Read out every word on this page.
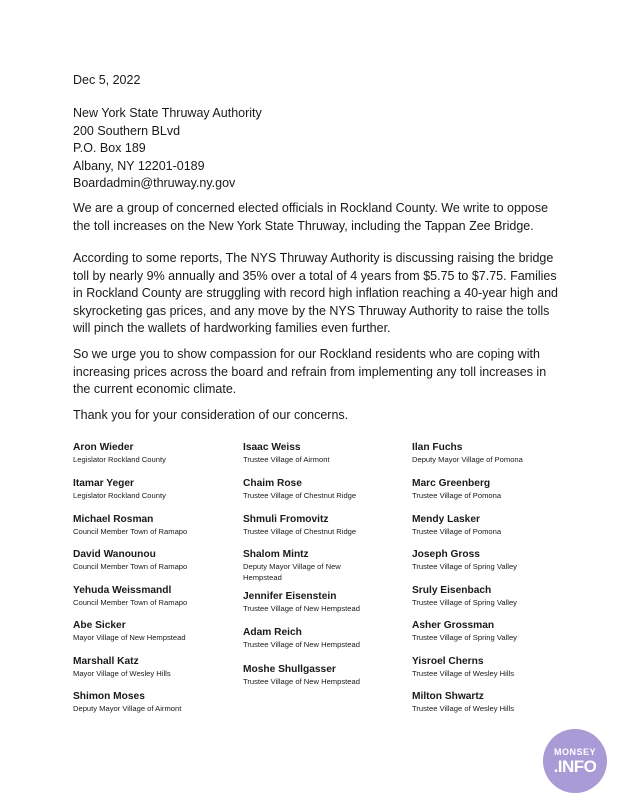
Dec 5, 2022
New York State Thruway Authority
200 Southern BLvd
P.O. Box 189
Albany, NY 12201-0189
Boardadmin@thruway.ny.gov
We are a group of concerned elected officials in Rockland County. We write to oppose
the toll increases on the New York State Thruway, including the Tappan Zee Bridge.
According to some reports, The NYS Thruway Authority is discussing raising the bridge
toll by nearly 9% annually and 35% over a total of 4 years from $5.75 to $7.75. Families
in Rockland County are struggling with record high inflation reaching a 40-year high and
skyrocketing gas prices, and any move by the NYS Thruway Authority to raise the tolls
will pinch the wallets of hardworking families even further.
So we urge you to show compassion for our Rockland residents who are coping with
increasing prices across the board and refrain from implementing any toll increases in
the current economic climate.
Thank you for your consideration of our concerns.
Aron Wieder
Legislator Rockland County
Itamar Yeger
Legislator Rockland County
Michael Rosman
Council Member Town of Ramapo
David Wanounou
Council Member Town of Ramapo
Yehuda Weissmandl
Council Member Town of Ramapo
Abe Sicker
Mayor Village of New Hempstead
Marshall Katz
Mayor Village of Wesley Hills
Shimon Moses
Deputy Mayor Village of Airmont
Isaac Weiss
Trustee Village of Airmont
Chaim Rose
Trustee Village of Chestnut Ridge
Shmuli Fromovitz
Trustee Village of Chestnut Ridge
Shalom Mintz
Deputy Mayor Village of New
Hempstead
Jennifer Eisenstein
Trustee Village of New Hempstead
Adam Reich
Trustee Village of New Hempstead
Moshe Shullgasser
Trustee Village of New Hempstead
Ilan Fuchs
Deputy Mayor Village of Pomona
Marc Greenberg
Trustee Village of Pomona
Mendy Lasker
Trustee Village of Pomona
Joseph Gross
Trustee Village of Spring Valley
Sruly Eisenbach
Trustee Village of Spring Valley
Asher Grossman
Trustee Village of Spring Valley
Yisroel Cherns
Trustee Village of Wesley Hills
Milton Shwartz
Trustee Village of Wesley Hills
MONSEY
.INFO
